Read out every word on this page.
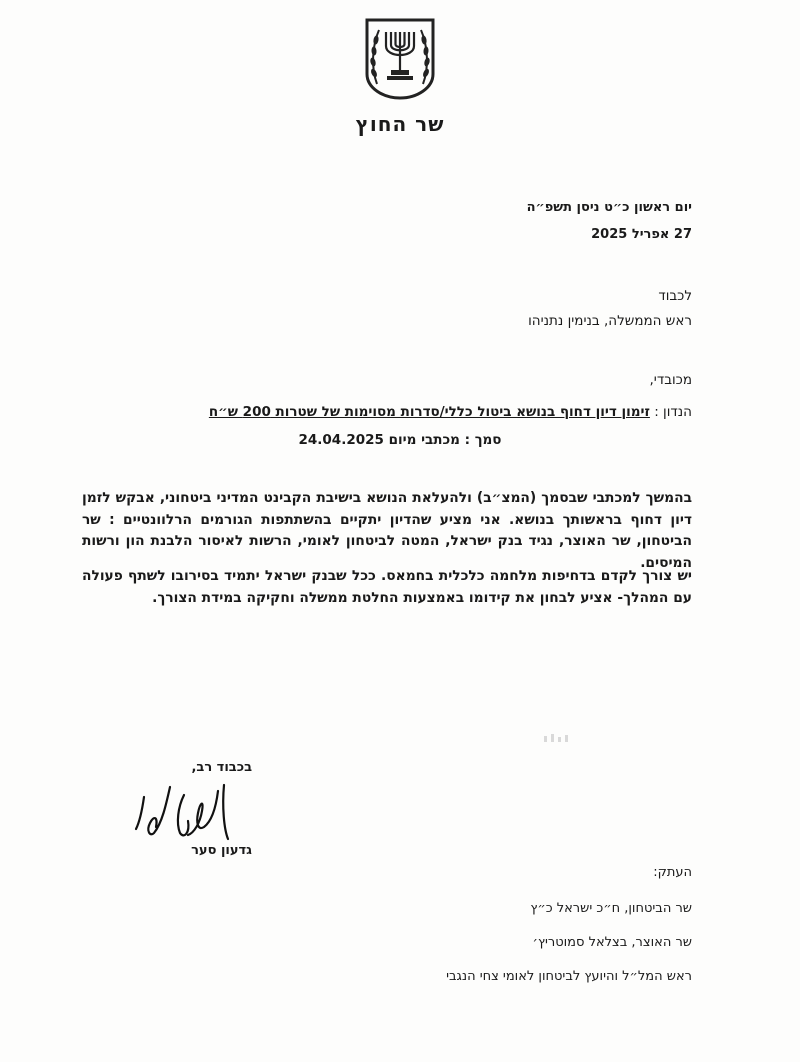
שר החוץ
יום ראשון כ״ט ניסן תשפ״ה
27 אפריל 2025
לכבוד
ראש הממשלה, בנימין נתניהו
מכובדי,
הנדון : זימון דיון דחוף בנושא ביטול כללי/סדרות מסוימות של שטרות 200 ש״ח
סמך : מכתבי מיום 24.04.2025
בהמשך למכתבי שבסמך (המצ״ב) ולהעלאת הנושא בישיבת הקבינט המדיני ביטחוני, אבקש לזמן דיון דחוף בראשותך בנושא. אני מציע שהדיון יתקיים בהשתתפות הגורמים הרלוונטיים : שר הביטחון, שר האוצר, נגיד בנק ישראל, המטה לביטחון לאומי, הרשות לאיסור הלבנת הון ורשות המיסים.
יש צורך לקדם בדחיפות מלחמה כלכלית בחמאס. ככל שבנק ישראל יתמיד בסירובו לשתף פעולה עם המהלך- אציע לבחון את קידומו באמצעות החלטת ממשלה וחקיקה במידת הצורך.
בכבוד רב,
גדעון סער
העתק:
שר הביטחון, ח״כ ישראל כ״ץ
שר האוצר, בצלאל סמוטריץ׳
ראש המל״ל והיועץ לביטחון לאומי צחי הנגבי
